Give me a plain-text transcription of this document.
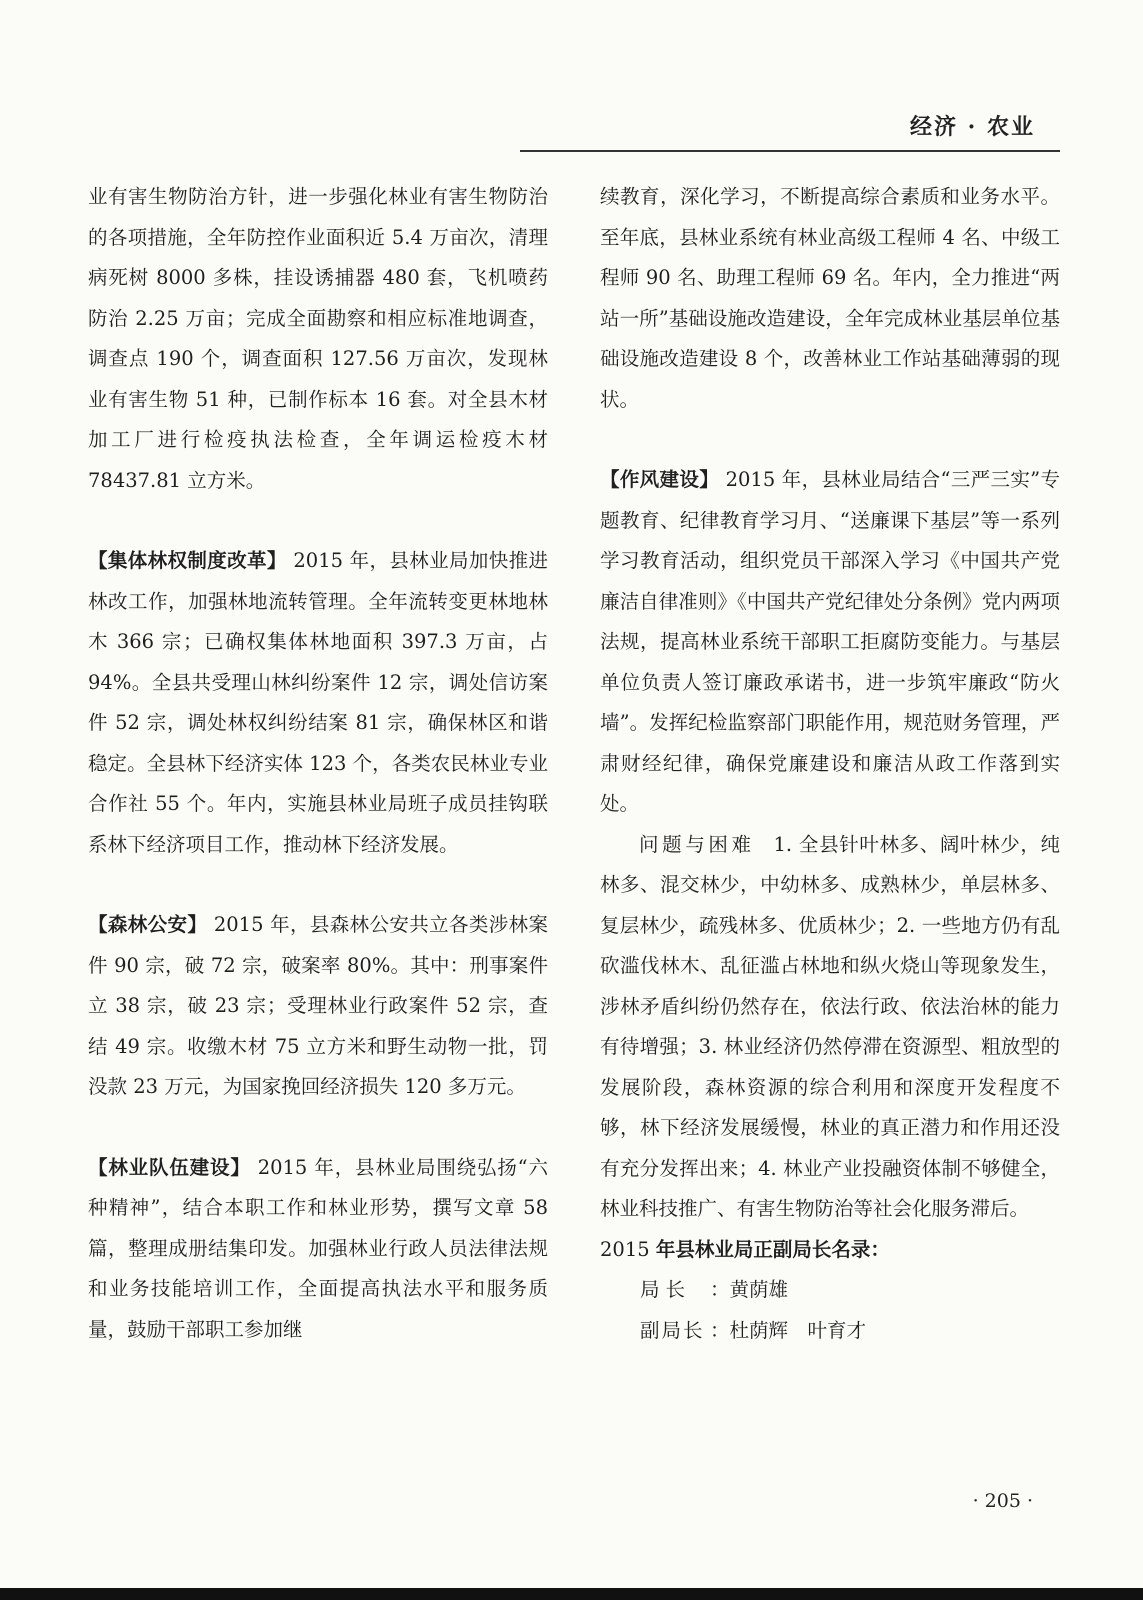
经济 · 农业

业有害生物防治方针，进一步强化林业有害生物防治的各项措施，全年防控作业面积近 5.4 万亩次，清理病死树 8000 多株，挂设诱捕器 480 套，飞机喷药防治 2.25 万亩；完成全面勘察和相应标准地调查，调查点 190 个，调查面积 127.56 万亩次，发现林业有害生物 51 种，已制作标本 16 套。对全县木材加工厂进行检疫执法检查，全年调运检疫木材 78437.81 立方米。

【集体林权制度改革】 2015 年，县林业局加快推进林改工作，加强林地流转管理。全年流转变更林地林木 366 宗；已确权集体林地面积 397.3 万亩，占 94%。全县共受理山林纠纷案件 12 宗，调处信访案件 52 宗，调处林权纠纷结案 81 宗，确保林区和谐稳定。全县林下经济实体 123 个，各类农民林业专业合作社 55 个。年内，实施县林业局班子成员挂钩联系林下经济项目工作，推动林下经济发展。

【森林公安】 2015 年，县森林公安共立各类涉林案件 90 宗，破 72 宗，破案率 80%。其中：刑事案件立 38 宗，破 23 宗；受理林业行政案件 52 宗，查结 49 宗。收缴木材 75 立方米和野生动物一批，罚没款 23 万元，为国家挽回经济损失 120 多万元。

【林业队伍建设】 2015 年，县林业局围绕弘扬“六种精神”，结合本职工作和林业形势，撰写文章 58 篇，整理成册结集印发。加强林业行政人员法律法规和业务技能培训工作，全面提高执法水平和服务质量，鼓励干部职工参加继

续教育，深化学习，不断提高综合素质和业务水平。至年底，县林业系统有林业高级工程师 4 名、中级工程师 90 名、助理工程师 69 名。年内，全力推进“两站一所”基础设施改造建设，全年完成林业基层单位基础设施改造建设 8 个，改善林业工作站基础薄弱的现状。

【作风建设】 2015 年，县林业局结合“三严三实”专题教育、纪律教育学习月、“送廉课下基层”等一系列学习教育活动，组织党员干部深入学习《中国共产党廉洁自律准则》《中国共产党纪律处分条例》党内两项法规，提高林业系统干部职工拒腐防变能力。与基层单位负责人签订廉政承诺书，进一步筑牢廉政“防火墙”。发挥纪检监察部门职能作用，规范财务管理，严肃财经纪律，确保党廉建设和廉洁从政工作落到实处。

问题与困难 1. 全县针叶林多、阔叶林少，纯林多、混交林少，中幼林多、成熟林少，单层林多、复层林少，疏残林多、优质林少；2. 一些地方仍有乱砍滥伐林木、乱征滥占林地和纵火烧山等现象发生，涉林矛盾纠纷仍然存在，依法行政、依法治林的能力有待增强；3. 林业经济仍然停滞在资源型、粗放型的发展阶段，森林资源的综合利用和深度开发程度不够，林下经济发展缓慢，林业的真正潜力和作用还没有充分发挥出来；4. 林业产业投融资体制不够健全，林业科技推广、有害生物防治等社会化服务滞后。

2015 年县林业局正副局长名录：

局长 ：黄荫雄

副局长 ：杜荫辉　叶育才

· 205 ·
